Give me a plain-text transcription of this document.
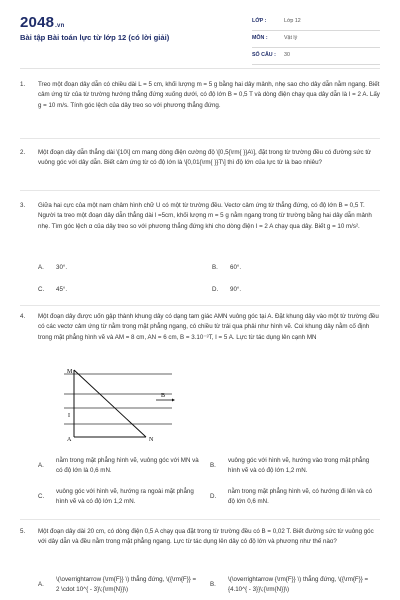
2048.vn
Bài tập Bài toán lực từ lớp 12 (có lời giải)
LỚP :	Lớp 12
MÔN :	Vật lý
SỐ CÂU : 30
1. Treo một đoạn dây dẫn có chiều dài L = 5 cm, khối lượng m = 5 g bằng hai dây mảnh, nhẹ sao cho dây dẫn nằm ngang. Biết cảm ứng từ của từ trường hướng thẳng đứng xuống dưới, có độ lớn B = 0,5 T và dòng điện chạy qua dây dẫn là I = 2 A. Lấy g = 10 m/s. Tính góc lệch của dây treo so với phương thẳng đứng.
2. Một đoạn dây dẫn thẳng dài \[10\] cm mang dòng điện cường độ \[0,5{\rm{ }}A\], đặt trong từ trường đều có đường sức từ vuông góc với dây dẫn. Biết cảm ứng từ có độ lớn là \[0,01{\rm{ }}T\] thì độ lớn của lực từ là bao nhiêu?
3. Giữa hai cực của một nam châm hình chữ U có một từ trường đều. Vectơ cảm ứng từ thẳng đứng, có độ lớn B = 0,5 T. Người ta treo một đoạn dây dẫn thẳng dài l =5cm, khối lượng m = 5 g nằm ngang trong từ trường bằng hai dây dẫn mảnh nhẹ. Tìm góc lệch α của dây treo so với phương thẳng đứng khi cho dòng điện I = 2 A chạy qua dây. Biết g = 10 m/s².
A. 30°.	B. 60°.
C. 45°.	D. 90°.
4. Một đoạn dây được uốn gập thành khung dây có dạng tam giác AMN vuông góc tại A. Đặt khung dây vào một từ trường đều có các vectơ cảm ứng từ nằm trong mặt phẳng ngang, có chiều từ trái qua phải như hình vẽ. Coi khung dây nằm cố định trong mặt phẳng hình vẽ và AM = 8 cm, AN = 6 cm, B = 3.10⁻³T, I = 5 A. Lực từ tác dụng lên cạnh MN
M
B
I
A	N
A.
nằm trong mặt phẳng hình vẽ, vuông góc với MN và có độ lớn là 0,6 mN.
B.
vuông góc với hình vẽ, hướng vào trong mặt phẳng hình vẽ và có độ lớn 1,2 mN.
C.
vuông góc với hình vẽ, hướng ra ngoài mặt phẳng hình vẽ và có độ lớn 1,2 mN.
D.
nằm trong mặt phẳng hình vẽ, có hướng đi lên và có độ lớn 0,6 mN.
5. Một đoạn dây dài 20 cm, có dòng điện 0,5 A chạy qua đặt trong từ trường đều có B = 0,02 T. Biết đường sức từ vuông góc với dây dẫn và đều nằm trong mặt phẳng ngang. Lực từ tác dụng lên dây có độ lớn và phương như thế nào?
A.
\(\overrightarrow {\rm{F}} \) thẳng đứng, \({\rm{F}} = 2 \cdot 10^{ - 3}\;{\rm{N}}\)
B.
\(\overrightarrow {\rm{F}} \) thẳng đứng, \({\rm{F}} = {4.10^{ - 3}}\;{\rm{N}}\)
